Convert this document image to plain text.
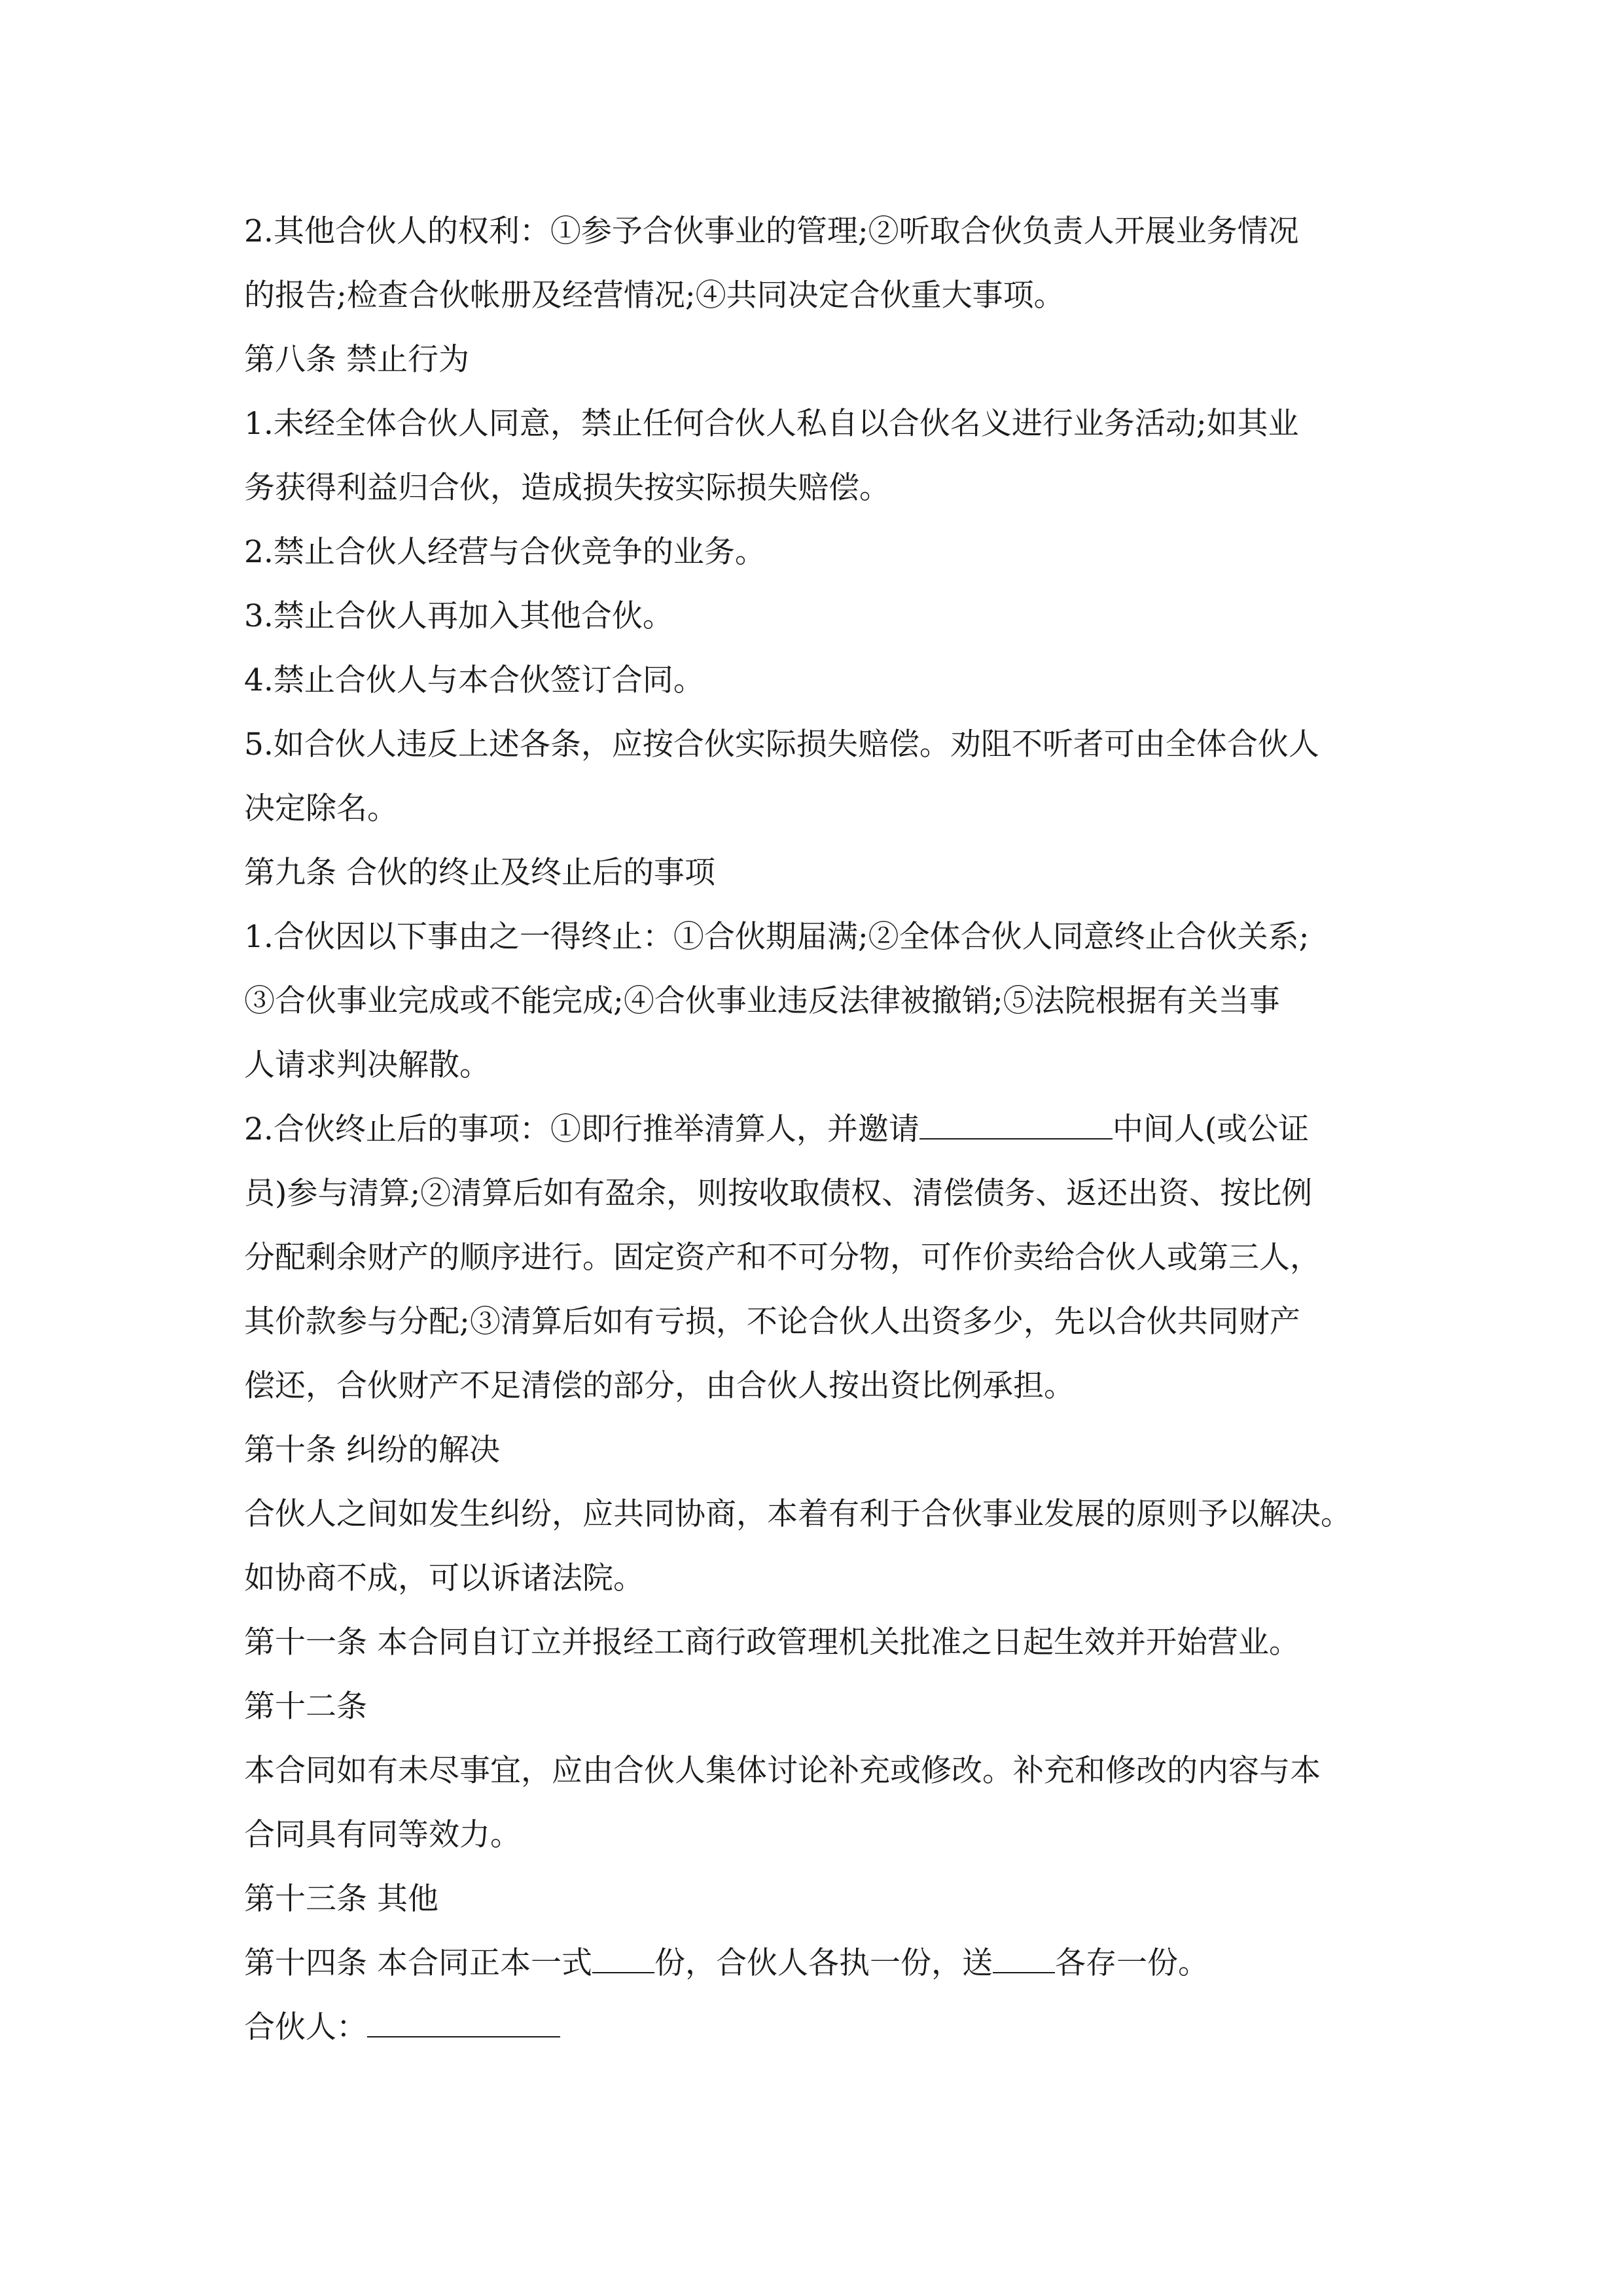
2.其他合伙人的权利：①参予合伙事业的管理;②听取合伙负责人开展业务情况
的报告;检查合伙帐册及经营情况;④共同决定合伙重大事项。
第八条 禁止行为
1.未经全体合伙人同意，禁止任何合伙人私自以合伙名义进行业务活动;如其业
务获得利益归合伙，造成损失按实际损失赔偿。
2.禁止合伙人经营与合伙竞争的业务。
3.禁止合伙人再加入其他合伙。
4.禁止合伙人与本合伙签订合同。
5.如合伙人违反上述各条，应按合伙实际损失赔偿。劝阻不听者可由全体合伙人
决定除名。
第九条 合伙的终止及终止后的事项
1.合伙因以下事由之一得终止：①合伙期届满;②全体合伙人同意终止合伙关系;
③合伙事业完成或不能完成;④合伙事业违反法律被撤销;⑤法院根据有关当事
人请求判决解散。
2.合伙终止后的事项：①即行推举清算人，并邀请	中间人(或公证
员)参与清算;②清算后如有盈余，则按收取债权、清偿债务、返还出资、按比例
分配剩余财产的顺序进行。固定资产和不可分物，可作价卖给合伙人或第三人，
其价款参与分配;③清算后如有亏损，不论合伙人出资多少，先以合伙共同财产
偿还，合伙财产不足清偿的部分，由合伙人按出资比例承担。
第十条 纠纷的解决
合伙人之间如发生纠纷，应共同协商，本着有利于合伙事业发展的原则予以解决。
如协商不成，可以诉诸法院。
第十一条 本合同自订立并报经工商行政管理机关批准之日起生效并开始营业。
第十二条
本合同如有未尽事宜，应由合伙人集体讨论补充或修改。补充和修改的内容与本
合同具有同等效力。
第十三条 其他
第十四条 本合同正本一式 份，合伙人各执一份，送 各存一份。
合伙人：
